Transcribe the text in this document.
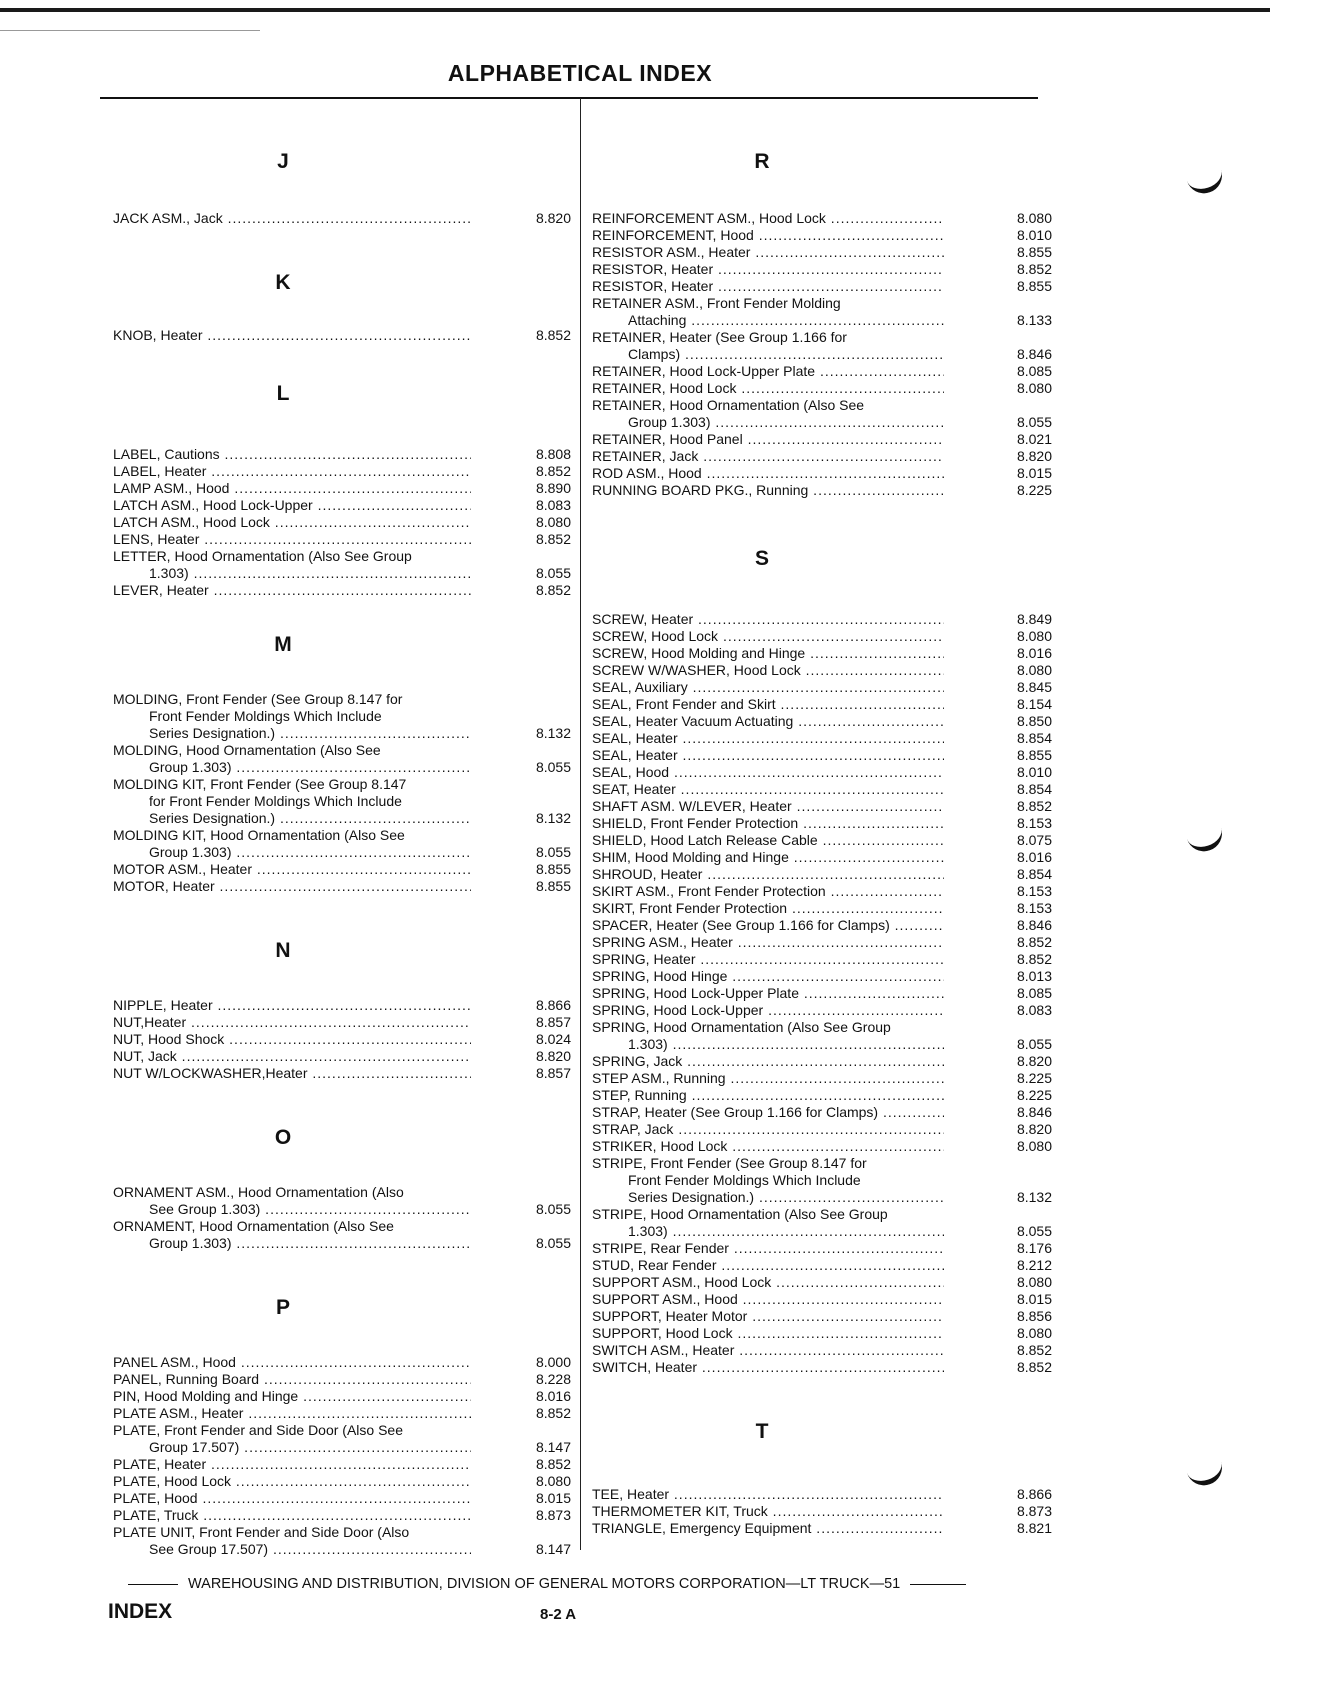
ALPHABETICAL INDEX
J
JACK ASM., Jack .....	8.820
K
KNOB, Heater .....	8.852
L
LABEL, Cautions .....	8.808
LABEL, Heater .....	8.852
LAMP ASM., Hood .....	8.890
LATCH ASM., Hood Lock-Upper .....	8.083
LATCH ASM., Hood Lock .....	8.080
LENS, Heater .....	8.852
LETTER, Hood Ornamentation (Also See Group
1.303) .....	8.055
LEVER, Heater .....	8.852
M
MOLDING, Front Fender (See Group 8.147 for
Front Fender Moldings Which Include
Series Designation.) .....	8.132
MOLDING, Hood Ornamentation (Also See
Group 1.303) .....	8.055
MOLDING KIT, Front Fender (See Group 8.147
for Front Fender Moldings Which Include
Series Designation.) .....	8.132
MOLDING KIT, Hood Ornamentation (Also See
Group 1.303) .....	8.055
MOTOR ASM., Heater .....	8.855
MOTOR, Heater .....	8.855
N
NIPPLE, Heater .....	8.866
NUT,Heater .....	8.857
NUT, Hood Shock .....	8.024
NUT, Jack .....	8.820
NUT W/LOCKWASHER,Heater .....	8.857
O
ORNAMENT ASM., Hood Ornamentation (Also
See Group 1.303) .....	8.055
ORNAMENT, Hood Ornamentation (Also See
Group 1.303) .....	8.055
P
PANEL ASM., Hood .....	8.000
PANEL, Running Board .....	8.228
PIN, Hood Molding and Hinge .....	8.016
PLATE ASM., Heater .....	8.852
PLATE, Front Fender and Side Door (Also See
Group 17.507) .....	8.147
PLATE, Heater .....	8.852
PLATE, Hood Lock .....	8.080
PLATE, Hood .....	8.015
PLATE, Truck .....	8.873
PLATE UNIT, Front Fender and Side Door (Also
See Group 17.507) .....	8.147
R
REINFORCEMENT ASM., Hood Lock .....	8.080
REINFORCEMENT, Hood .....	8.010
RESISTOR ASM., Heater .....	8.855
RESISTOR, Heater .....	8.852
RESISTOR, Heater .....	8.855
RETAINER ASM., Front Fender Molding
Attaching .....	8.133
RETAINER, Heater (See Group 1.166 for
Clamps) .....	8.846
RETAINER, Hood Lock-Upper Plate .....	8.085
RETAINER, Hood Lock .....	8.080
RETAINER, Hood Ornamentation (Also See
Group 1.303) .....	8.055
RETAINER, Hood Panel .....	8.021
RETAINER, Jack .....	8.820
ROD ASM., Hood .....	8.015
RUNNING BOARD PKG., Running .....	8.225
S
SCREW, Heater .....	8.849
SCREW, Hood Lock .....	8.080
SCREW, Hood Molding and Hinge .....	8.016
SCREW W/WASHER, Hood Lock .....	8.080
SEAL, Auxiliary .....	8.845
SEAL, Front Fender and Skirt .....	8.154
SEAL, Heater Vacuum Actuating .....	8.850
SEAL, Heater .....	8.854
SEAL, Heater .....	8.855
SEAL, Hood .....	8.010
SEAT, Heater .....	8.854
SHAFT ASM. W/LEVER, Heater .....	8.852
SHIELD, Front Fender Protection .....	8.153
SHIELD, Hood Latch Release Cable .....	8.075
SHIM, Hood Molding and Hinge .....	8.016
SHROUD, Heater .....	8.854
SKIRT ASM., Front Fender Protection .....	8.153
SKIRT, Front Fender Protection .....	8.153
SPACER, Heater (See Group 1.166 for Clamps) .....	8.846
SPRING ASM., Heater .....	8.852
SPRING, Heater .....	8.852
SPRING, Hood Hinge .....	8.013
SPRING, Hood Lock-Upper Plate .....	8.085
SPRING, Hood Lock-Upper .....	8.083
SPRING, Hood Ornamentation (Also See Group
1.303) .....	8.055
SPRING, Jack .....	8.820
STEP ASM., Running .....	8.225
STEP, Running .....	8.225
STRAP, Heater (See Group 1.166 for Clamps) .....	8.846
STRAP, Jack .....	8.820
STRIKER, Hood Lock .....	8.080
STRIPE, Front Fender (See Group 8.147 for
Front Fender Moldings Which Include
Series Designation.) .....	8.132
STRIPE, Hood Ornamentation (Also See Group
1.303) .....	8.055
STRIPE, Rear Fender .....	8.176
STUD, Rear Fender .....	8.212
SUPPORT ASM., Hood Lock .....	8.080
SUPPORT ASM., Hood .....	8.015
SUPPORT, Heater Motor .....	8.856
SUPPORT, Hood Lock .....	8.080
SWITCH ASM., Heater .....	8.852
SWITCH, Heater .....	8.852
T
TEE, Heater .....	8.866
THERMOMETER KIT, Truck .....	8.873
TRIANGLE, Emergency Equipment .....	8.821
WAREHOUSING AND DISTRIBUTION, DIVISION OF GENERAL MOTORS CORPORATION—LT TRUCK—51
INDEX	8-2 A
